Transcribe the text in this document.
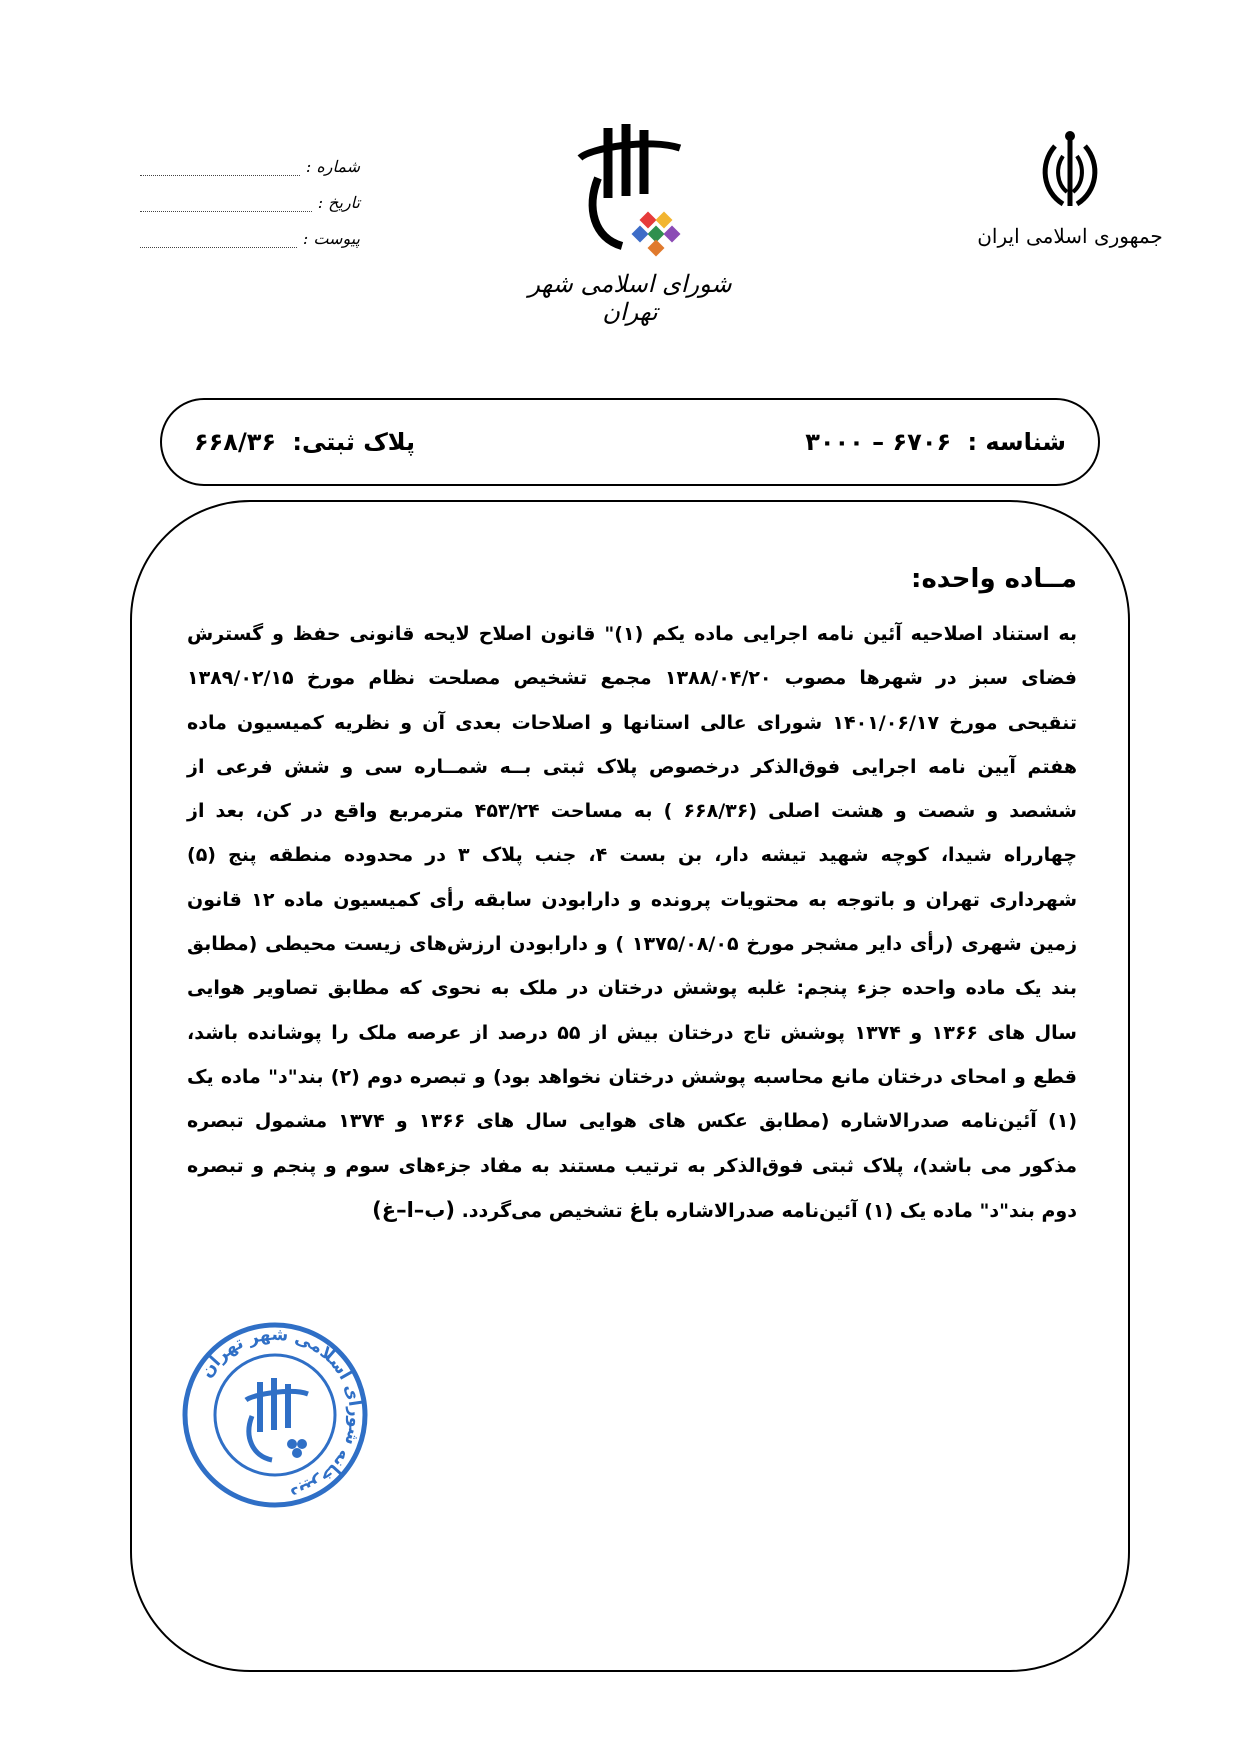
جمهوری اسلامی ایران
شورای اسلامی شهر تهران
شماره :
تاریخ :
پیوست :
شناسه : ۶۷۰۶ – ۳۰۰۰
پلاک ثبتی: ۶۶۸/۳۶
مــاده واحده:

به استناد اصلاحیه آئین نامه اجرایی ماده یکم (۱)" قانون اصلاح لایحه قانونی حفظ و گسترش فضای سبز در شهرها مصوب ۱۳۸۸/۰۴/۲۰ مجمع تشخیص مصلحت نظام مورخ ۱۳۸۹/۰۲/۱۵ تنقیحی مورخ ۱۴۰۱/۰۶/۱۷ شورای عالی استانها و اصلاحات بعدی آن و نظریه کمیسیون ماده هفتم آیین نامه اجرایی فوق‌الذکر درخصوص پلاک ثبتی بــه شمــاره سی و شش فرعی از ششصد و شصت و هشت اصلی (۶۶۸/۳۶ ) به مساحت ۴۵۳/۲۴ مترمربع واقع در کن، بعد از چهارراه شیدا، کوچه شهید تیشه دار، بن بست ۴، جنب پلاک ۳ در محدوده منطقه پنج (۵) شهرداری تهران و باتوجه به محتویات پرونده و دارابودن سابقه رأی کمیسیون ماده ۱۲ قانون زمین شهری (رأی دایر مشجر مورخ ۱۳۷۵/۰۸/۰۵ ) و دارابودن ارزش‌های زیست محیطی (مطابق بند یک ماده واحده جزء پنجم: غلبه پوشش درختان در ملک به نحوی که مطابق تصاویر هوایی سال های ۱۳۶۶ و ۱۳۷۴ پوشش تاج درختان بیش از ۵۵ درصد از عرصه ملک را پوشانده باشد، قطع و امحای درختان مانع محاسبه پوشش درختان نخواهد بود) و تبصره دوم (۲) بند"د" ماده یک (۱) آئین‌نامه صدرالاشاره (مطابق عکس های هوایی سال های ۱۳۶۶ و ۱۳۷۴ مشمول تبصره مذکور می باشد)، پلاک ثبتی فوق‌الذکر به ترتیب مستند به مفاد جزءهای سوم و پنجم و تبصره دوم بند"د" ماده یک (۱) آئین‌نامه صدرالاشاره باغ تشخیص می‌گردد. (ب–ا–غ)

دبیرخانه شورای اسلامی شهر تهران
